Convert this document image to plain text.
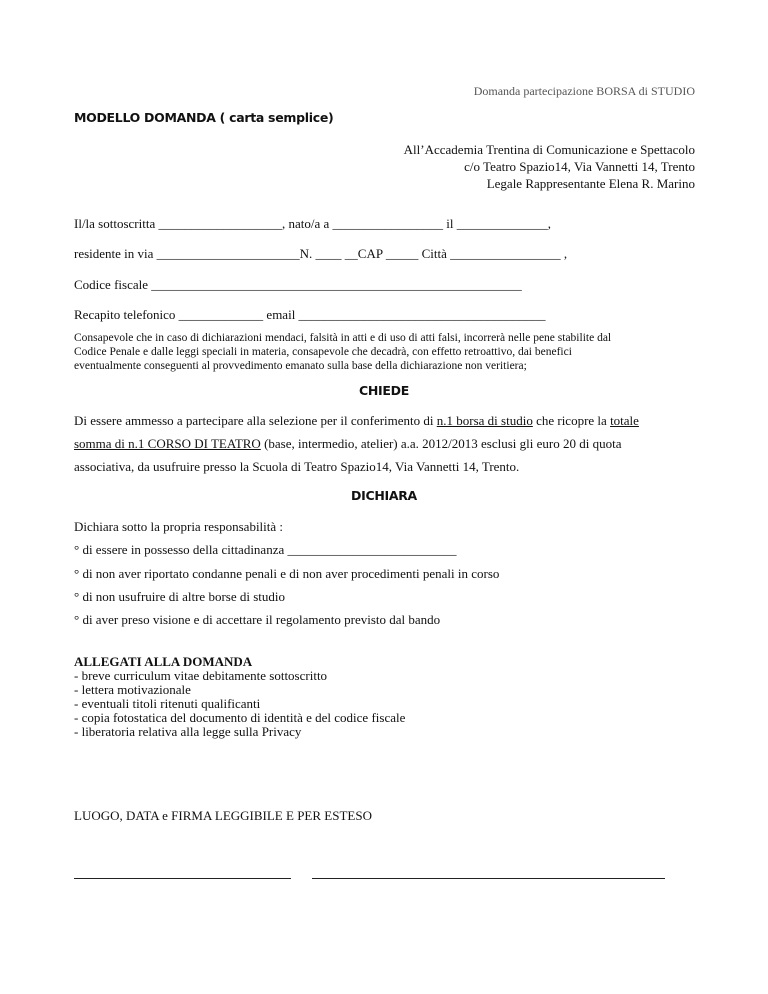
Domanda partecipazione BORSA di STUDIO
MODELLO DOMANDA ( carta semplice)
All’Accademia Trentina di Comunicazione e Spettacolo
c/o Teatro Spazio14, Via Vannetti 14, Trento
Legale Rappresentante Elena R. Marino
Il/la sottoscritta ___________________, nato/a a _________________ il ______________,
residente in via ______________________N. ____ __CAP _____ Città _________________ ,
Codice fiscale _________________________________________________________
Recapito telefonico _____________ email ______________________________________
Consapevole che in caso di dichiarazioni mendaci, falsità in atti e di uso di atti falsi, incorrerà nelle pene stabilite dal
Codice Penale e dalle leggi speciali in materia, consapevole che decadrà, con effetto retroattivo, dai benefici
eventualmente conseguenti al provvedimento emanato sulla base della dichiarazione non veritiera;
CHIEDE
Di essere ammesso a partecipare alla selezione per il conferimento di n.1 borsa di studio che ricopre la totale
somma di n.1 CORSO DI TEATRO (base, intermedio, atelier) a.a. 2012/2013 esclusi gli euro 20 di quota
associativa, da usufruire presso la Scuola di Teatro Spazio14, Via Vannetti 14, Trento.
DICHIARA
Dichiara sotto la propria responsabilità :
° di essere in possesso della cittadinanza __________________________
° di non aver riportato condanne penali e di non aver procedimenti penali in corso
° di non usufruire di altre borse di studio
° di aver preso visione e di accettare il regolamento previsto dal bando
ALLEGATI ALLA DOMANDA
- breve curriculum vitae debitamente sottoscritto
- lettera motivazionale
- eventuali titoli ritenuti qualificanti
- copia fotostatica del documento di identità e del codice fiscale
- liberatoria relativa alla legge sulla Privacy
LUOGO, DATA e FIRMA LEGGIBILE E PER ESTESO
